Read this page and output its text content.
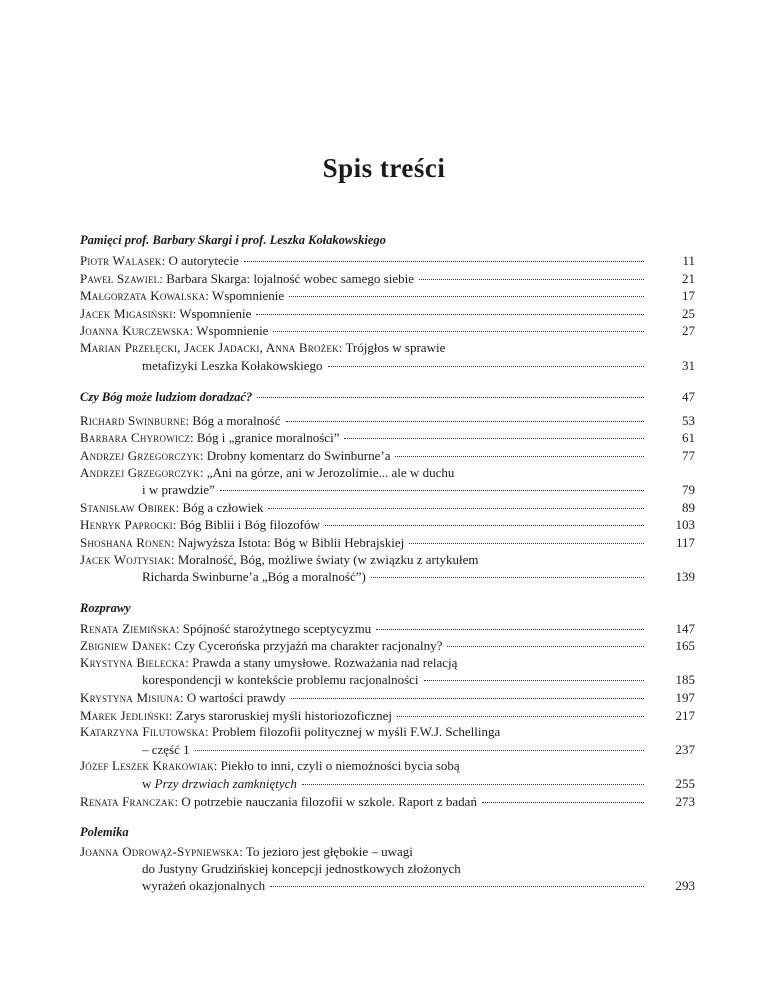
Spis treści
Pamięci prof. Barbary Skargi i prof. Leszka Kołakowskiego
Piotr Walasek: O autorytecie	11
Paweł Szawiel: Barbara Skarga: lojalność wobec samego siebie	21
Małgorzata Kowalska: Wspomnienie	17
Jacek Migasiński: Wspomnienie	25
Joanna Kurczewska: Wspomnienie	27
Marian Przełęcki, Jacek Jadacki, Anna Brożek: Trójgłos w sprawie
metafizyki Leszka Kołakowskiego	31
Czy Bóg może ludziom doradzać?	47
Richard Swinburne: Bóg a moralność	53
Barbara Chyrowicz: Bóg i „granice moralności”	61
Andrzej Grzegorczyk: Drobny komentarz do Swinburne’a	77
Andrzej Grzegorczyk: „Ani na górze, ani w Jerozolimie... ale w duchu
i w prawdzie”	79
Stanisław Obirek: Bóg a człowiek	89
Henryk Paprocki: Bóg Biblii i Bóg filozofów	103
Shoshana Ronen: Najwyższa Istota: Bóg w Biblii Hebrajskiej	117
Jacek Wojtysiak: Moralność, Bóg, możliwe światy (w związku z artykułem
Richarda Swinburne’a „Bóg a moralność”)	139
Rozprawy
Renata Ziemińska: Spójność starożytnego sceptycyzmu	147
Zbigniew Danek: Czy Cycerońska przyjaźń ma charakter racjonalny?	165
Krystyna Bielecka: Prawda a stany umysłowe. Rozważania nad relacją
korespondencji w kontekście problemu racjonalności	185
Krystyna Misiuna: O wartości prawdy	197
Marek Jedliński: Zarys staroruskiej myśli historiozoficznej	217
Katarzyna Filutowska: Problem filozofii politycznej w myśli F.W.J. Schellinga
– część 1	237
Józef Leszek Krakowiak: Piekło to inni, czyli o niemożności bycia sobą
w Przy drzwiach zamkniętych	255
Renata Franczak: O potrzebie nauczania filozofii w szkole. Raport z badań	273
Polemika
Joanna Odrowąż-Sypniewska: To jezioro jest głębokie – uwagi
do Justyny Grudzińskiej koncepcji jednostkowych złożonych
wyrażeń okazjonalnych	293
